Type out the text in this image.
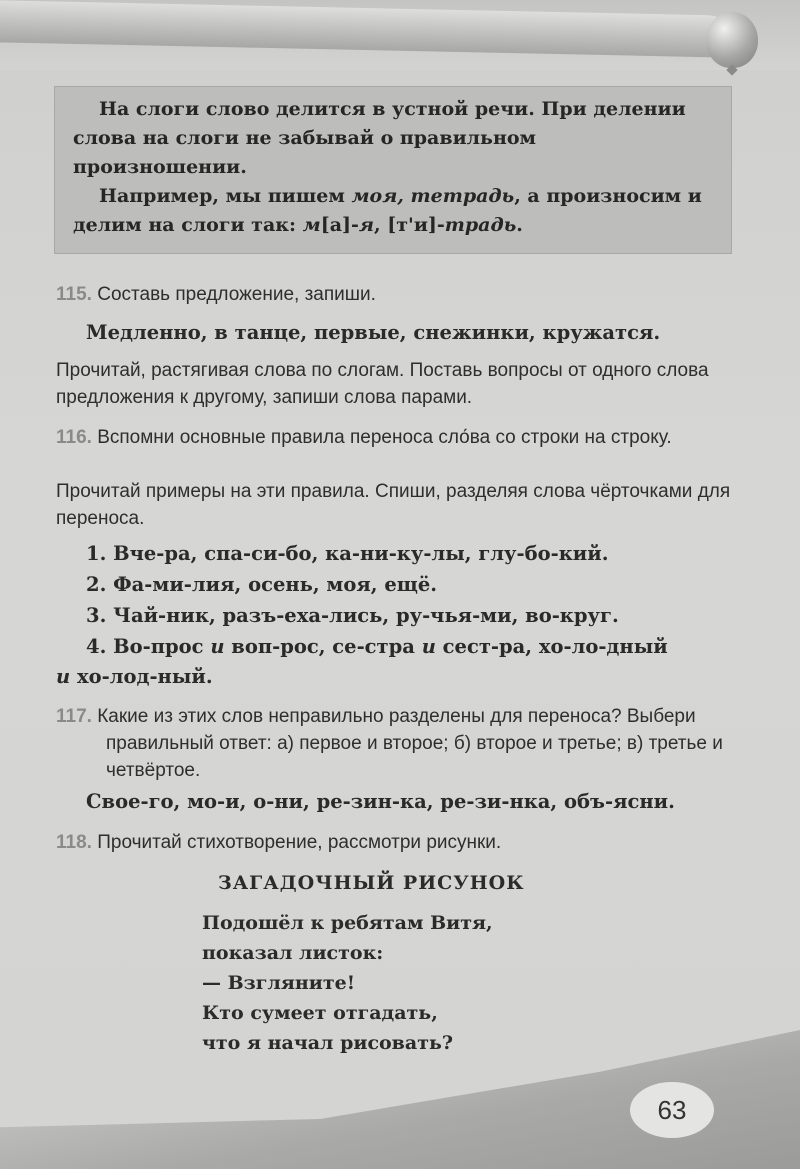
На слоги слово делится в устной речи. При делении слова на слоги не забывай о правильном произношении.

Например, мы пишем моя, тетрадь, а произносим и делим на слоги так: м[а]-я, [т'и]-традь.

115. Составь предложение, запиши.

Медленно, в танце, первые, снежинки, кружатся.

Прочитай, растягивая слова по слогам. Поставь вопросы от одного слова предложения к другому, запиши слова парами.

116. Вспомни основные правила переноса сло́ва со строки на строку.

Прочитай примеры на эти правила. Спиши, разделяя слова чёрточками для переноса.

1. Вче-ра, спа-си-бо, ка-ни-ку-лы, глу-бо-кий.

2. Фа-ми-лия, осень, моя, ещё.

3. Чай-ник, разъ-еха-лись, ру-чья-ми, во-круг.

4. Во-прос и воп-рос, се-стра и сест-ра, хо-ло-дный

и хо-лод-ный.

117. Какие из этих слов неправильно разделены для переноса? Выбери правильный ответ: а) первое и второе; б) второе и третье; в) третье и четвёртое.

Свое-го, мо-и, о-ни, ре-зин-ка, ре-зи-нка, объ-ясни.

118. Прочитай стихотворение, рассмотри рисунки.

ЗАГАДОЧНЫЙ РИСУНОК

Подошёл к ребятам Витя,
показал листок:
— Взгляните!
Кто сумеет отгадать,
что я начал рисовать?
63
